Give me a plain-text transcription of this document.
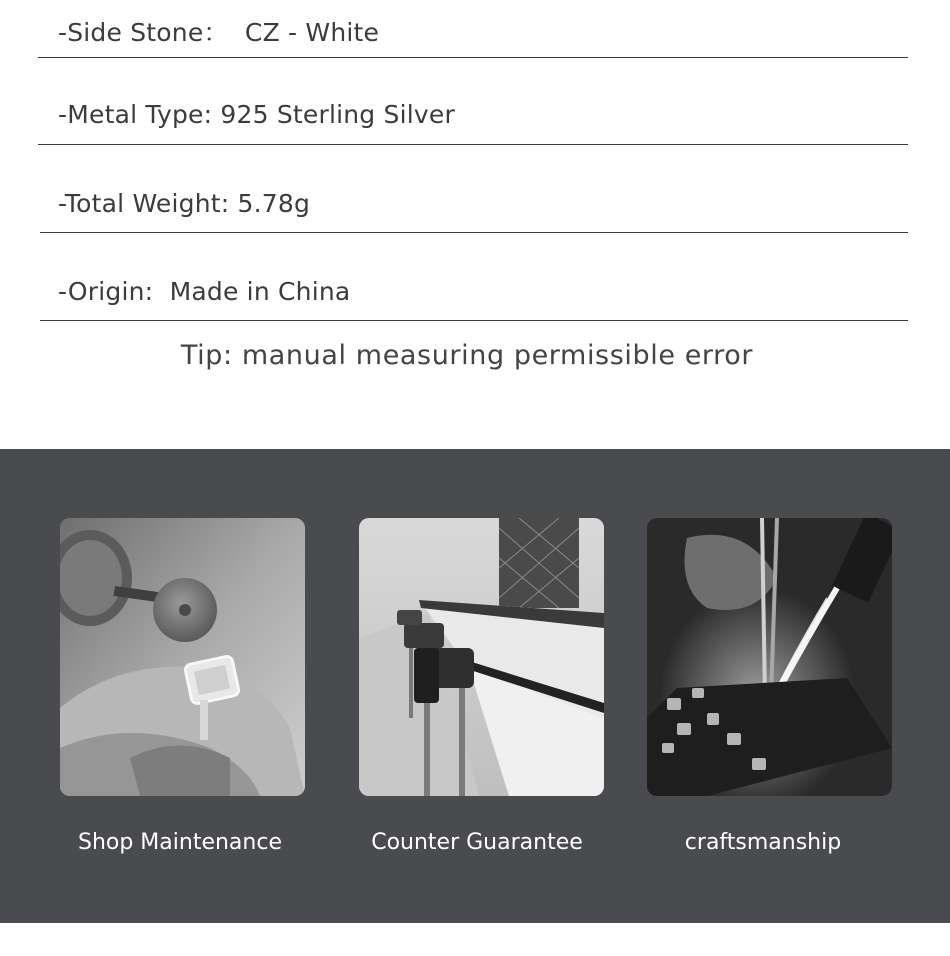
-Side Stone：  CZ - White
-Metal Type: 925 Sterling Silver
-Total Weight: 5.78g
-Origin:  Made in China
Tip: manual measuring permissible error
Shop Maintenance	Counter Guarantee	craftsmanship
